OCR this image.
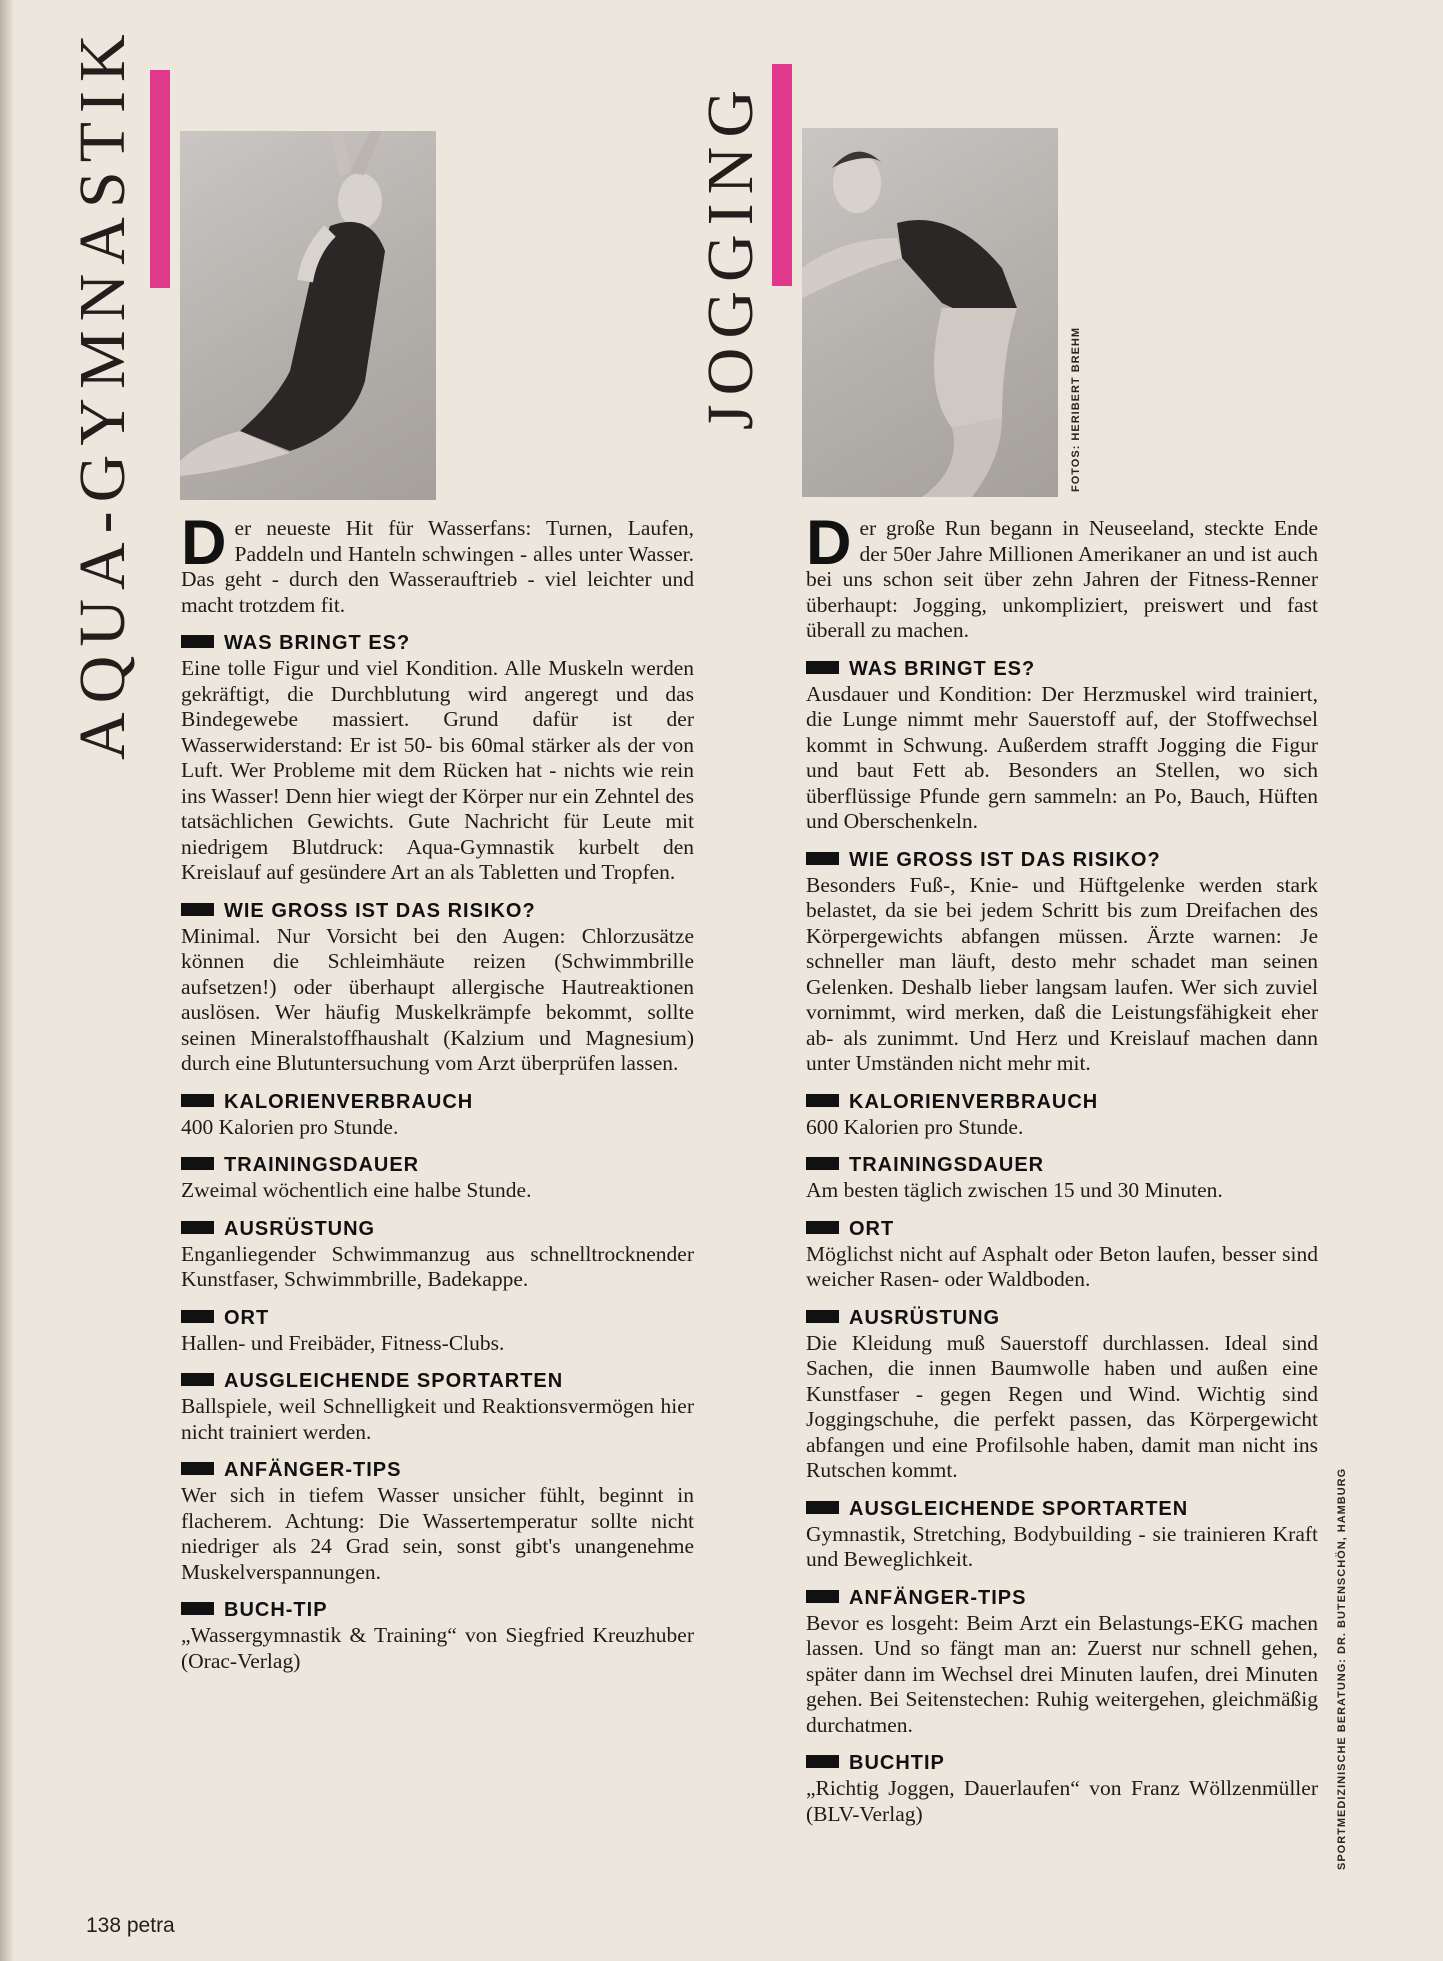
AQUA-GYMNASTIK Der neueste Hit für Wasserfans: Turnen, Laufen, Paddeln und Hanteln schwingen - alles unter Wasser. Das geht - durch den Wasserauftrieb - viel leichter und macht trotzdem fit.

WAS BRINGT ES?

Eine tolle Figur und viel Kondition. Alle Muskeln werden gekräftigt, die Durchblutung wird angeregt und das Bindegewebe massiert. Grund dafür ist der Wasserwiderstand: Er ist 50- bis 60mal stärker als der von Luft. Wer Probleme mit dem Rücken hat - nichts wie rein ins Wasser! Denn hier wiegt der Körper nur ein Zehntel des tatsächlichen Gewichts. Gute Nachricht für Leute mit niedrigem Blutdruck: Aqua-Gymnastik kurbelt den Kreislauf auf gesündere Art an als Tabletten und Tropfen.

WIE GROSS IST DAS RISIKO?

Minimal. Nur Vorsicht bei den Augen: Chlorzusätze können die Schleimhäute reizen (Schwimmbrille aufsetzen!) oder überhaupt allergische Hautreaktionen auslösen. Wer häufig Muskelkrämpfe bekommt, sollte seinen Mineralstoffhaushalt (Kalzium und Magnesium) durch eine Blutuntersuchung vom Arzt überprüfen lassen.

KALORIENVERBRAUCH

400 Kalorien pro Stunde.

TRAININGSDAUER

Zweimal wöchentlich eine halbe Stunde.

AUSRÜSTUNG

Enganliegender Schwimmanzug aus schnelltrocknender Kunstfaser, Schwimmbrille, Badekappe.

ORT

Hallen- und Freibäder, Fitness-Clubs.

AUSGLEICHENDE SPORTARTEN

Ballspiele, weil Schnelligkeit und Reaktionsvermögen hier nicht trainiert werden.

ANFÄNGER-TIPS

Wer sich in tiefem Wasser unsicher fühlt, beginnt in flacherem. Achtung: Die Wassertemperatur sollte nicht niedriger als 24 Grad sein, sonst gibt's unangenehme Muskelverspannungen.

BUCH-TIP

„Wassergymnastik & Training“ von Siegfried Kreuzhuber (Orac-Verlag)

JOGGING	FOTOS: HERIBERT BREHM

Der große Run begann in Neuseeland, steckte Ende der 50er Jahre Millionen Amerikaner an und ist auch bei uns schon seit über zehn Jahren der Fitness-Renner überhaupt: Jogging, unkompliziert, preiswert und fast überall zu machen.

WAS BRINGT ES?

Ausdauer und Kondition: Der Herzmuskel wird trainiert, die Lunge nimmt mehr Sauerstoff auf, der Stoffwechsel kommt in Schwung. Außerdem strafft Jogging die Figur und baut Fett ab. Besonders an Stellen, wo sich überflüssige Pfunde gern sammeln: an Po, Bauch, Hüften und Oberschenkeln.

WIE GROSS IST DAS RISIKO?

Besonders Fuß-, Knie- und Hüftgelenke werden stark belastet, da sie bei jedem Schritt bis zum Dreifachen des Körpergewichts abfangen müssen. Ärzte warnen: Je schneller man läuft, desto mehr schadet man seinen Gelenken. Deshalb lieber langsam laufen. Wer sich zuviel vornimmt, wird merken, daß die Leistungsfähigkeit eher ab- als zunimmt. Und Herz und Kreislauf machen dann unter Umständen nicht mehr mit.

KALORIENVERBRAUCH

600 Kalorien pro Stunde.

TRAININGSDAUER

Am besten täglich zwischen 15 und 30 Minuten.

ORT

Möglichst nicht auf Asphalt oder Beton laufen, besser sind weicher Rasen- oder Waldboden.

AUSRÜSTUNG

Die Kleidung muß Sauerstoff durchlassen. Ideal sind Sachen, die innen Baumwolle haben und außen eine Kunstfaser - gegen Regen und Wind. Wichtig sind Joggingschuhe, die perfekt passen, das Körpergewicht abfangen und eine Profilsohle haben, damit man nicht ins Rutschen kommt.

AUSGLEICHENDE SPORTARTEN

Gymnastik, Stretching, Bodybuilding - sie trainieren Kraft und Beweglichkeit.

ANFÄNGER-TIPS

Bevor es losgeht: Beim Arzt ein Belastungs-EKG machen lassen. Und so fängt man an: Zuerst nur schnell gehen, später dann im Wechsel drei Minuten laufen, drei Minuten gehen. Bei Seitenstechen: Ruhig weitergehen, gleichmäßig durchatmen.

BUCHTIP

„Richtig Joggen, Dauerlaufen“ von Franz Wöllzenmüller (BLV-Verlag)	SPORTMEDIZINISCHE BERATUNG: DR. BUTENSCHÖN, HAMBURG
138 petra
